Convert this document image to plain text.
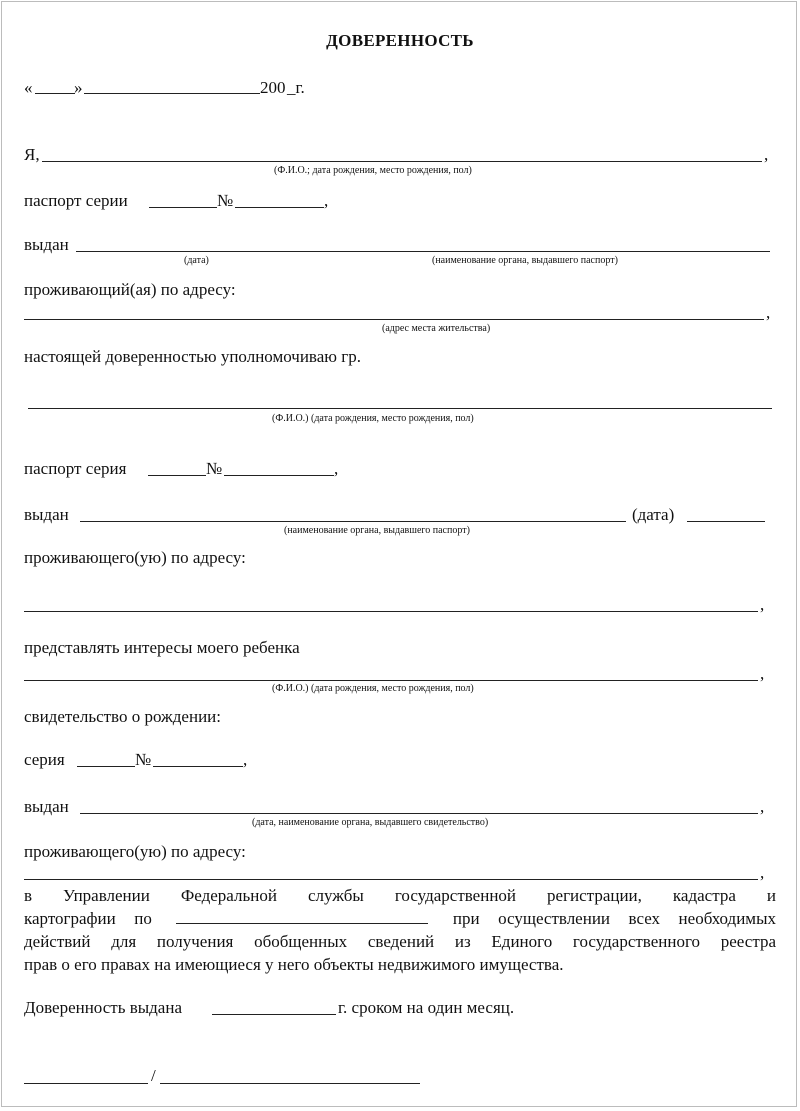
ДОВЕРЕННОСТЬ
« »	200 _г.
Я,	,
(Ф.И.О.; дата рождения, место рождения, пол)
паспорт серии	№	,
выдан
(дата)	(наименование органа, выдавшего паспорт)
проживающий(ая) по адресу:
,
(адрес места жительства)
настоящей доверенностью уполномочиваю гр.
(Ф.И.О.) (дата рождения, место рождения, пол)
паспорт серия	№	,
выдан	(дата)
(наименование органа, выдавшего паспорт)
проживающего(ую) по адресу:
,
представлять интересы моего ребенка
,
(Ф.И.О.) (дата рождения, место рождения, пол)
свидетельство о рождении:
серия	№	,
выдан	,
(дата, наименование органа, выдавшего свидетельство)
проживающего(ую) по адресу:
,
в Управлении Федеральной службы государственной регистрации, кадастра и
картографии по	при осуществлении всех необходимых
действий для получения обобщенных сведений из Единого государственного реестра
прав о его правах на имеющиеся у него объекты недвижимого имущества.
Доверенность выдана	г. сроком на один месяц.
/
